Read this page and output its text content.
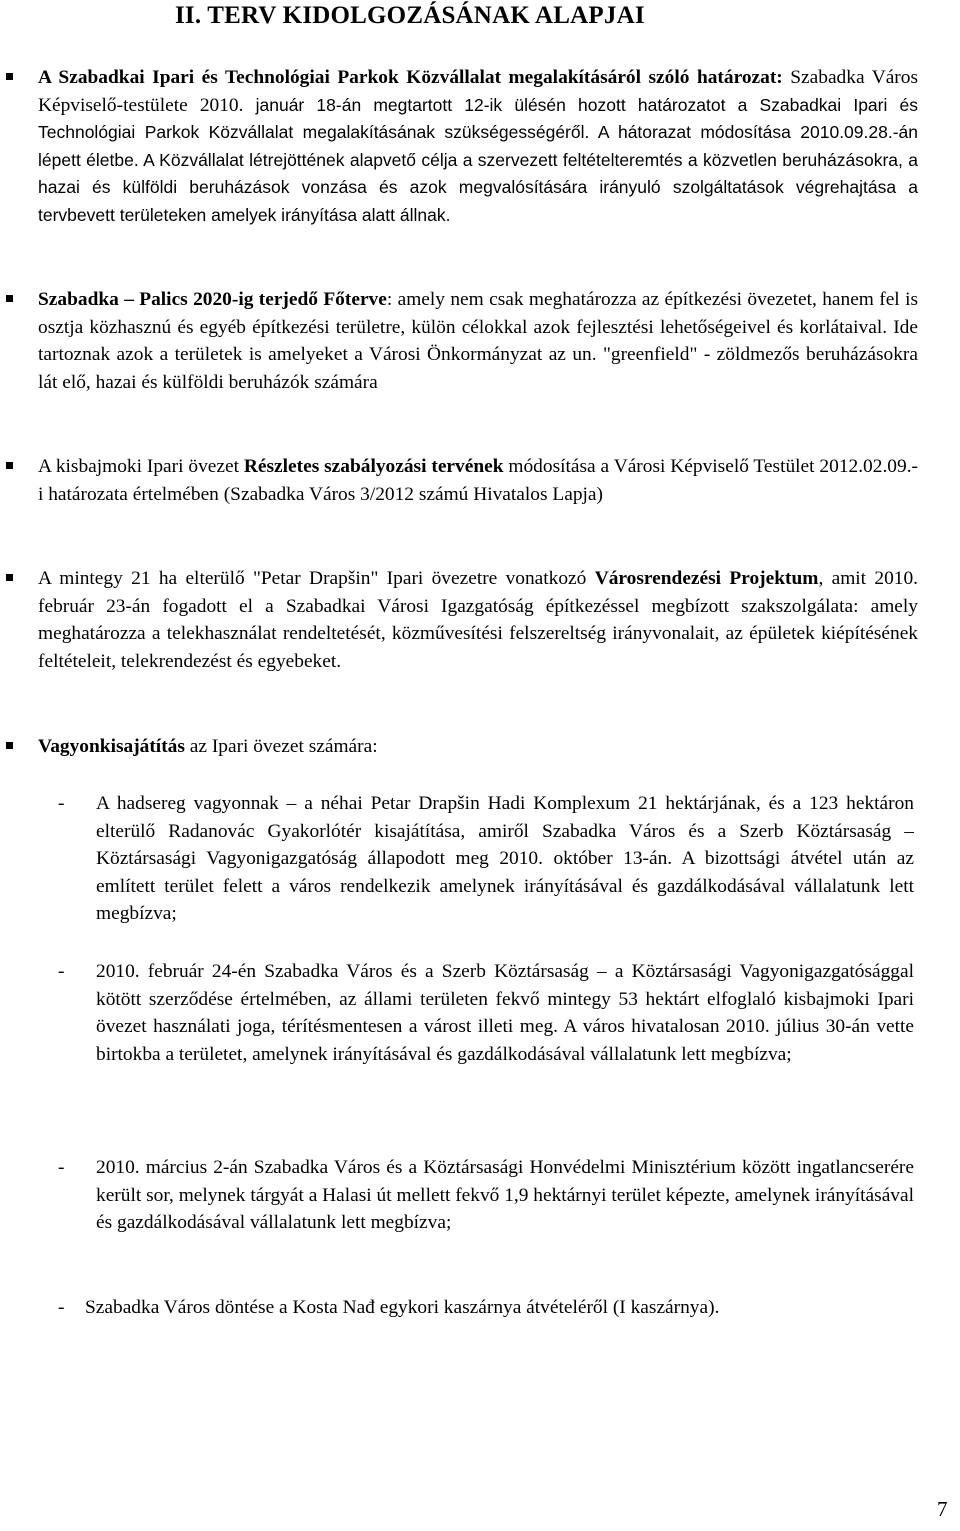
II. TERV KIDOLGOZÁSÁNAK ALAPJAI
A Szabadkai Ipari és Technológiai Parkok Közvállalat megalakításáról szóló határozat: Szabadka Város Képviselő-testülete 2010. január 18-án megtartott 12-ik ülésén hozott határozatot a Szabadkai Ipari és Technológiai Parkok Közvállalat megalakításának szükségességéről. A hátorazat módosítása 2010.09.28.-án lépett életbe. A Közvállalat létrejöttének alapvető célja a szervezett feltételteremtés a közvetlen beruházásokra, a hazai és külföldi beruházások vonzása és azok megvalósítására irányuló szolgáltatások végrehajtása a tervbevett területeken amelyek irányítása alatt állnak.
Szabadka – Palics 2020-ig terjedő Főterve: amely nem csak meghatározza az építkezési övezetet, hanem fel is osztja közhasznú és egyéb építkezési területre, külön célokkal azok fejlesztési lehetőségeivel és korlátaival. Ide tartoznak azok a területek is amelyeket a Városi Önkormányzat az un. "greenfield" - zöldmezős beruházásokra lát elő, hazai és külföldi beruházók számára
A kisbajmoki Ipari övezet Részletes szabályozási tervének módosítása a Városi Képviselő Testület 2012.02.09.-i határozata értelmében (Szabadka Város 3/2012 számú Hivatalos Lapja)
A mintegy 21 ha elterülő "Petar Drapšin" Ipari övezetre vonatkozó Városrendezési Projektum, amit 2010. február 23-án fogadott el a Szabadkai Városi Igazgatóság építkezéssel megbízott szakszolgálata: amely meghatározza a telekhasználat rendeltetését, közművesítési felszereltség irányvonalait, az épületek kiépítésének feltételeit, telekrendezést és egyebeket.
Vagyonkisajátítás az Ipari övezet számára:
-	A hadsereg vagyonnak – a néhai Petar Drapšin Hadi Komplexum 21 hektárjának, és a 123 hektáron elterülő Radanovác Gyakorlótér kisajátítása, amiről Szabadka Város és a Szerb Köztársaság – Köztársasági Vagyonigazgatóság állapodott meg 2010. október 13-án. A bizottsági átvétel után az említett terület felett a város rendelkezik amelynek irányításával és gazdálkodásával vállalatunk lett megbízva;
-	2010. február 24-én Szabadka Város és a Szerb Köztársaság – a Köztársasági Vagyonigazgatósággal kötött szerződése értelmében, az állami területen fekvő mintegy 53 hektárt elfoglaló kisbajmoki Ipari övezet használati joga, térítésmentesen a várost illeti meg. A város hivatalosan 2010. július 30-án vette birtokba a területet, amelynek irányításával és gazdálkodásával vállalatunk lett megbízva;
-	2010. március 2-án Szabadka Város és a Köztársasági Honvédelmi Minisztérium között ingatlancserére került sor, melynek tárgyát a Halasi út mellett fekvő 1,9 hektárnyi terület képezte, amelynek irányításával és gazdálkodásával vállalatunk lett megbízva;
-	Szabadka Város döntése a Kosta Nađ egykori kaszárnya átvételéről (I kaszárnya).
7
